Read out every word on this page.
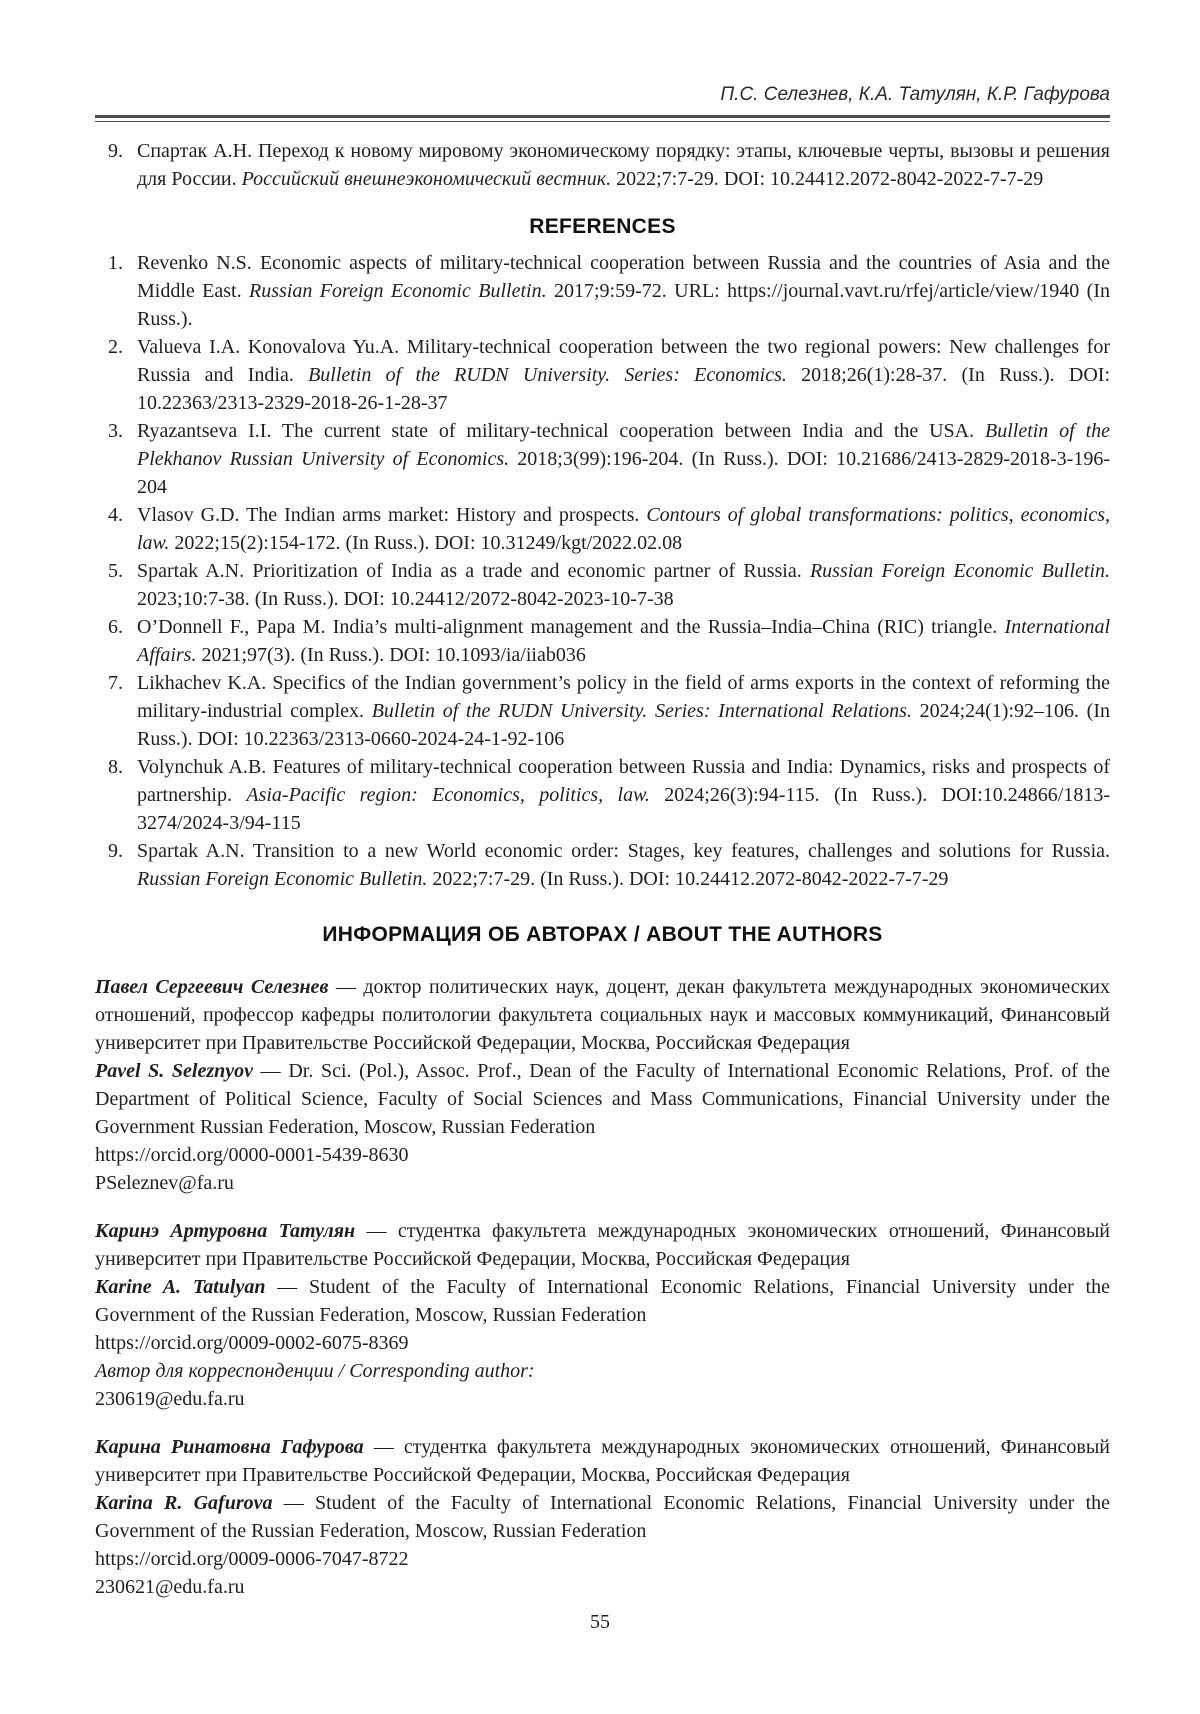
П.С. Селезнев, К.А. Татулян, К.Р. Гафурова
9. Спартак А.Н. Переход к новому мировому экономическому порядку: этапы, ключевые черты, вызовы и решения для России. Российский внешнеэкономический вестник. 2022;7:7-29. DOI: 10.24412.2072-8042-2022-7-7-29
REFERENCES
1. Revenko N.S. Economic aspects of military-technical cooperation between Russia and the countries of Asia and the Middle East. Russian Foreign Economic Bulletin. 2017;9:59-72. URL: https://journal.vavt.ru/rfej/article/view/1940 (In Russ.).
2. Valueva I.A. Konovalova Yu.A. Military-technical cooperation between the two regional powers: New challenges for Russia and India. Bulletin of the RUDN University. Series: Economics. 2018;26(1):28-37. (In Russ.). DOI: 10.22363/2313-2329-2018-26-1-28-37
3. Ryazantseva I.I. The current state of military-technical cooperation between India and the USA. Bulletin of the Plekhanov Russian University of Economics. 2018;3(99):196-204. (In Russ.). DOI: 10.21686/2413-2829-2018-3-196-204
4. Vlasov G.D. The Indian arms market: History and prospects. Contours of global transformations: politics, economics, law. 2022;15(2):154-172. (In Russ.). DOI: 10.31249/kgt/2022.02.08
5. Spartak A.N. Prioritization of India as a trade and economic partner of Russia. Russian Foreign Economic Bulletin. 2023;10:7-38. (In Russ.). DOI: 10.24412/2072-8042-2023-10-7-38
6. O’Donnell F., Papa M. India’s multi-alignment management and the Russia–India–China (RIC) triangle. International Affairs. 2021;97(3). (In Russ.). DOI: 10.1093/ia/iiab036
7. Likhachev K.A. Specifics of the Indian government’s policy in the field of arms exports in the context of reforming the military-industrial complex. Bulletin of the RUDN University. Series: International Relations. 2024;24(1):92–106. (In Russ.). DOI: 10.22363/2313-0660-2024-24-1-92-106
8. Volynchuk A.B. Features of military-technical cooperation between Russia and India: Dynamics, risks and prospects of partnership. Asia-Pacific region: Economics, politics, law. 2024;26(3):94-115. (In Russ.). DOI:10.24866/1813-3274/2024-3/94-115
9. Spartak A.N. Transition to a new World economic order: Stages, key features, challenges and solutions for Russia. Russian Foreign Economic Bulletin. 2022;7:7-29. (In Russ.). DOI: 10.24412.2072-8042-2022-7-7-29
ИНФОРМАЦИЯ ОБ АВТОРАХ / ABOUT THE AUTHORS
Павел Сергеевич Селезнев — доктор политических наук, доцент, декан факультета международных экономических отношений, профессор кафедры политологии факультета социальных наук и массовых коммуникаций, Финансовый университет при Правительстве Российской Федерации, Москва, Российская Федерация
Pavel S. Seleznyov — Dr. Sci. (Pol.), Assoc. Prof., Dean of the Faculty of International Economic Relations, Prof. of the Department of Political Science, Faculty of Social Sciences and Mass Communications, Financial University under the Government Russian Federation, Moscow, Russian Federation
https://orcid.org/0000-0001-5439-8630
PSeleznev@fa.ru
Каринэ Артуровна Татулян — студентка факультета международных экономических отношений, Финансовый университет при Правительстве Российской Федерации, Москва, Российская Федерация
Karine A. Tatulyan — Student of the Faculty of International Economic Relations, Financial University under the Government of the Russian Federation, Moscow, Russian Federation
https://orcid.org/0009-0002-6075-8369
Автор для корреспонденции / Corresponding author:
230619@edu.fa.ru
Карина Ринатовна Гафурова — студентка факультета международных экономических отношений, Финансовый университет при Правительстве Российской Федерации, Москва, Российская Федерация
Karina R. Gafurova — Student of the Faculty of International Economic Relations, Financial University under the Government of the Russian Federation, Moscow, Russian Federation
https://orcid.org/0009-0006-7047-8722
230621@edu.fa.ru
55
